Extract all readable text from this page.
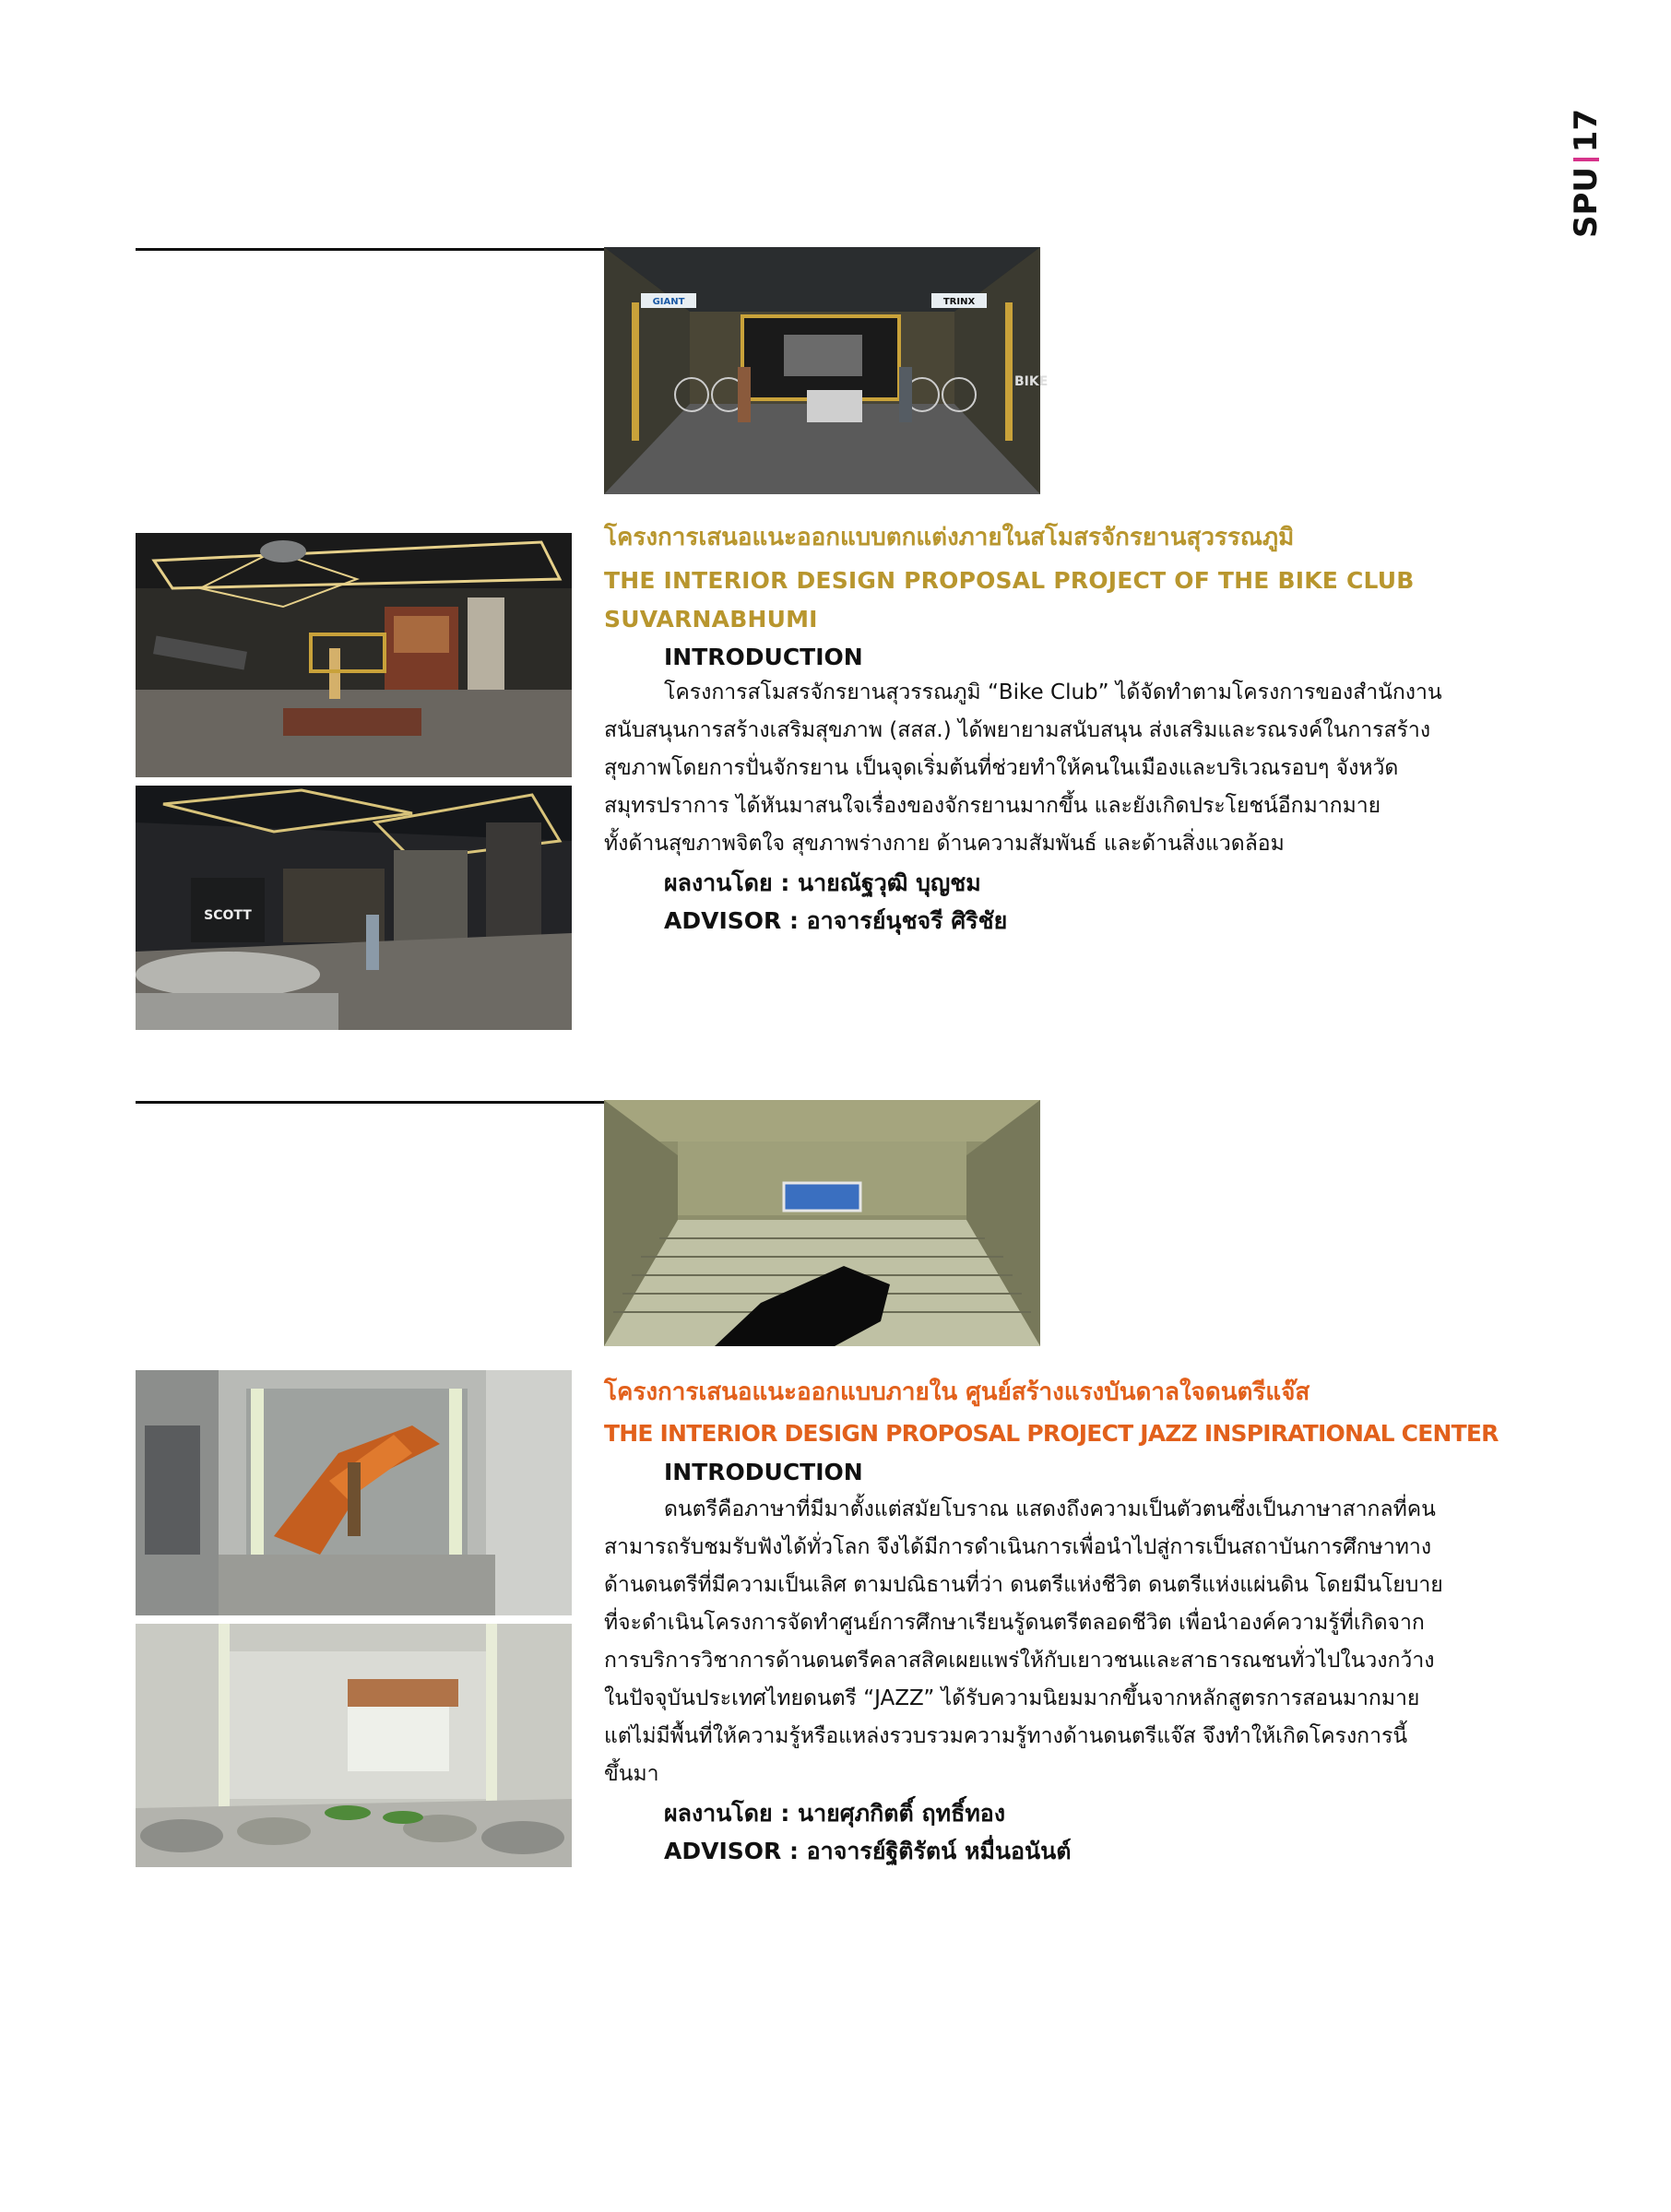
SPU
17
GIANT	TRINX
BIKE
SCOTT
โครงการเสนอแนะออกแบบตกแต่งภายในสโมสรจักรยานสุวรรณภูมิ
THE INTERIOR DESIGN PROPOSAL PROJECT OF THE BIKE CLUB
SUVARNABHUMI
INTRODUCTION

โครงการสโมสรจักรยานสุวรรณภูมิ “Bike Club” ได้จัดทำตามโครงการของสำนักงาน

สนับสนุนการสร้างเสริมสุขภาพ (สสส.) ได้พยายามสนับสนุน ส่งเสริมและรณรงค์ในการสร้าง

สุขภาพโดยการปั่นจักรยาน เป็นจุดเริ่มต้นที่ช่วยทำให้คนในเมืองและบริเวณรอบๆ จังหวัด

สมุทรปราการ ได้หันมาสนใจเรื่องของจักรยานมากขึ้น และยังเกิดประโยชน์อีกมากมาย

ทั้งด้านสุขภาพจิตใจ สุขภาพร่างกาย ด้านความสัมพันธ์ และด้านสิ่งแวดล้อม

ผลงานโดย : นายณัฐวุฒิ บุญชม
ADVISOR : อาจารย์นุชจรี ศิริชัย
โครงการเสนอแนะออกแบบภายใน ศูนย์สร้างแรงบันดาลใจดนตรีแจ๊ส
THE INTERIOR DESIGN PROPOSAL PROJECT JAZZ INSPIRATIONAL CENTER
INTRODUCTION

ดนตรีคือภาษาที่มีมาตั้งแต่สมัยโบราณ แสดงถึงความเป็นตัวตนซึ่งเป็นภาษาสากลที่คน

สามารถรับชมรับฟังได้ทั่วโลก จึงได้มีการดำเนินการเพื่อนำไปสู่การเป็นสถาบันการศึกษาทาง

ด้านดนตรีที่มีความเป็นเลิศ ตามปณิธานที่ว่า ดนตรีแห่งชีวิต ดนตรีแห่งแผ่นดิน โดยมีนโยบาย

ที่จะดำเนินโครงการจัดทำศูนย์การศึกษาเรียนรู้ดนตรีตลอดชีวิต เพื่อนำองค์ความรู้ที่เกิดจาก

การบริการวิชาการด้านดนตรีคลาสสิคเผยแพร่ให้กับเยาวชนและสาธารณชนทั่วไปในวงกว้าง

ในปัจจุบันประเทศไทยดนตรี “JAZZ” ได้รับความนิยมมากขึ้นจากหลักสูตรการสอนมากมาย

แต่ไม่มีพื้นที่ให้ความรู้หรือแหล่งรวบรวมความรู้ทางด้านดนตรีแจ๊ส จึงทำให้เกิดโครงการนี้

ขึ้นมา

ผลงานโดย : นายศุภกิตติ์ ฤทธิ์ทอง
ADVISOR : อาจารย์ฐิติรัตน์ หมื่นอนันต์
